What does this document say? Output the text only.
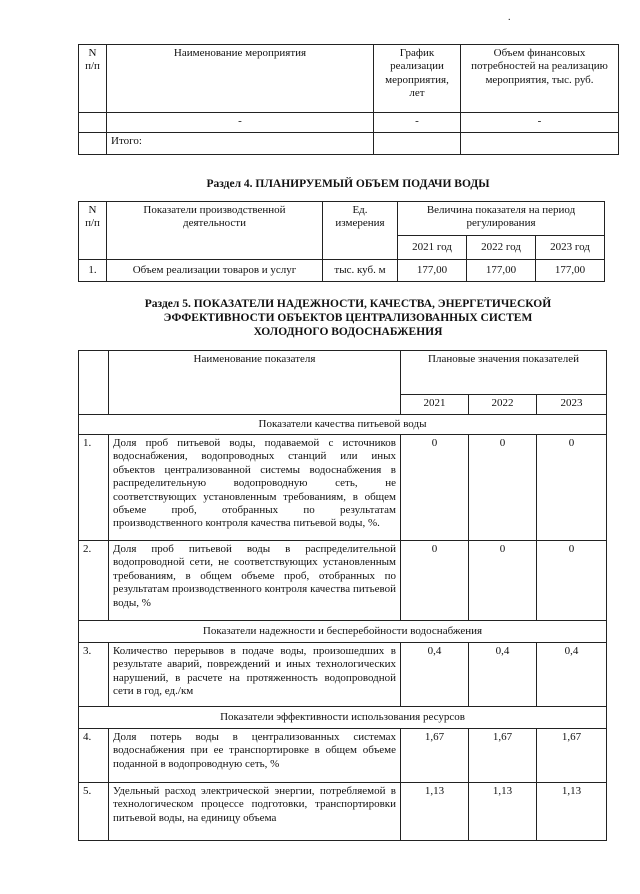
.
N п/п	Наименование мероприятия	График реализации мероприятия, лет	Объем финансовых потребностей на реализацию мероприятия, тыс. руб.
	-	-	-
	Итого:		
Раздел 4. ПЛАНИРУЕМЫЙ ОБЪЕМ ПОДАЧИ ВОДЫ
N п/п	Показатели производственной деятельности	Ед. измерения	Величина показателя на период регулирования		
			2021 год	2022 год	2023 год
1.	Объем реализации товаров и услуг	тыс. куб. м	177,00	177,00	177,00
Раздел 5. ПОКАЗАТЕЛИ НАДЕЖНОСТИ, КАЧЕСТВА, ЭНЕРГЕТИЧЕСКОЙ ЭФФЕКТИВНОСТИ ОБЪЕКТОВ ЦЕНТРАЛИЗОВАННЫХ СИСТЕМ ХОЛОДНОГО ВОДОСНАБЖЕНИЯ
	Наименование показателя	Плановые значения показателей		
		2021	2022	2023
Показатели качества питьевой воды				
1.	Доля проб питьевой воды, подаваемой с источников водоснабжения, водопроводных станций или иных объектов централизованной системы водоснабжения в распределительную водопроводную сеть, не соответствующих установленным требованиям, в общем объеме проб, отобранных по результатам производственного контроля качества питьевой воды, %.	0	0	0
2.	Доля проб питьевой воды в распределительной водопроводной сети, не соответствующих установленным требованиям, в общем объеме проб, отобранных по результатам производственного контроля качества питьевой воды, %	0	0	0
Показатели надежности и бесперебойности водоснабжения				
3.	Количество перерывов в подаче воды, произошедших в результате аварий, повреждений и иных технологических нарушений, в расчете на протяженность водопроводной сети в год, ед./км	0,4	0,4	0,4
Показатели эффективности использования ресурсов				
4.	Доля потерь воды в централизованных системах водоснабжения при ее транспортировке в общем объеме поданной в водопроводную сеть, %	1,67	1,67	1,67
5.	Удельный расход электрической энергии, потребляемой в технологическом процессе подготовки, транспортировки питьевой воды, на единицу объема	1,13	1,13	1,13
